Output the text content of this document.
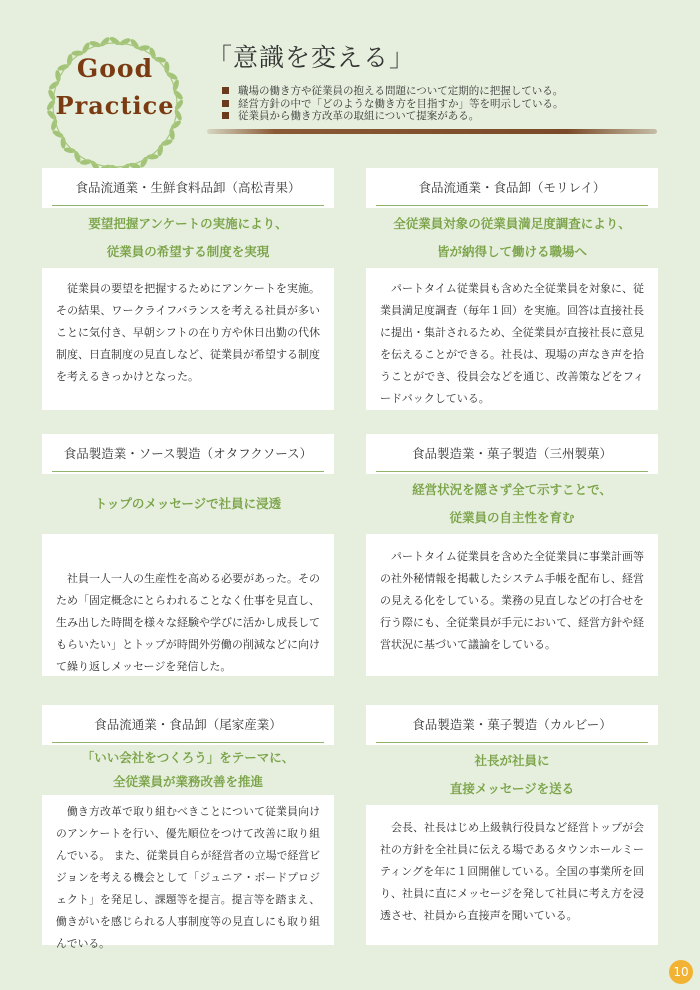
Good
Practice
「意識を変える」
職場の働き方や従業員の抱える問題について定期的に把握している。
経営方針の中で「どのような働き方を目指すか」等を明示している。
従業員から働き方改革の取組について提案がある。
食品流通業・生鮮食料品卸（高松青果）
要望把握アンケートの実施により、
従業員の希望する制度を実現
従業員の要望を把握するためにアンケートを実施。その結果、ワークライフバランスを考える社員が多いことに気付き、早朝シフトの在り方や休日出勤の代休制度、日直制度の見直しなど、従業員が希望する制度を考えるきっかけとなった。
食品流通業・食品卸（モリレイ）
全従業員対象の従業員満足度調査により、
皆が納得して働ける職場へ
パートタイム従業員も含めた全従業員を対象に、従業員満足度調査（毎年１回）を実施。回答は直接社長に提出・集計されるため、全従業員が直接社長に意見を伝えることができる。社長は、現場の声なき声を拾うことができ、役員会などを通じ、改善策などをフィードバックしている。
食品製造業・ソース製造（オタフクソース）
トップのメッセージで社員に浸透
社員一人一人の生産性を高める必要があった。そのため「固定概念にとらわれることなく仕事を見直し、生み出した時間を様々な経験や学びに活かし成長してもらいたい」とトップが時間外労働の削減などに向けて繰り返しメッセージを発信した。
食品製造業・菓子製造（三州製菓）
経営状況を隠さず全て示すことで、
従業員の自主性を育む
パートタイム従業員を含めた全従業員に事業計画等の社外秘情報を掲載したシステム手帳を配布し、経営の見える化をしている。業務の見直しなどの打合せを行う際にも、全従業員が手元において、経営方針や経営状況に基づいて議論をしている。
食品流通業・食品卸（尾家産業）
「いい会社をつくろう」をテーマに、
全従業員が業務改善を推進
働き方改革で取り組むべきことについて従業員向けのアンケートを行い、優先順位をつけて改善に取り組んでいる。 また、従業員自らが経営者の立場で経営ビジョンを考える機会として「ジュニア・ボードプロジェクト」を発足し、課題等を提言。提言等を踏まえ、働きがいを感じられる人事制度等の見直しにも取り組んでいる。
食品製造業・菓子製造（カルビー）
社長が社員に
直接メッセージを送る
会長、社長はじめ上級執行役員など経営トップが会社の方針を全社員に伝える場であるタウンホールミーティングを年に１回開催している。全国の事業所を回り、社員に直にメッセージを発して社員に考え方を浸透させ、社員から直接声を聞いている。
10
